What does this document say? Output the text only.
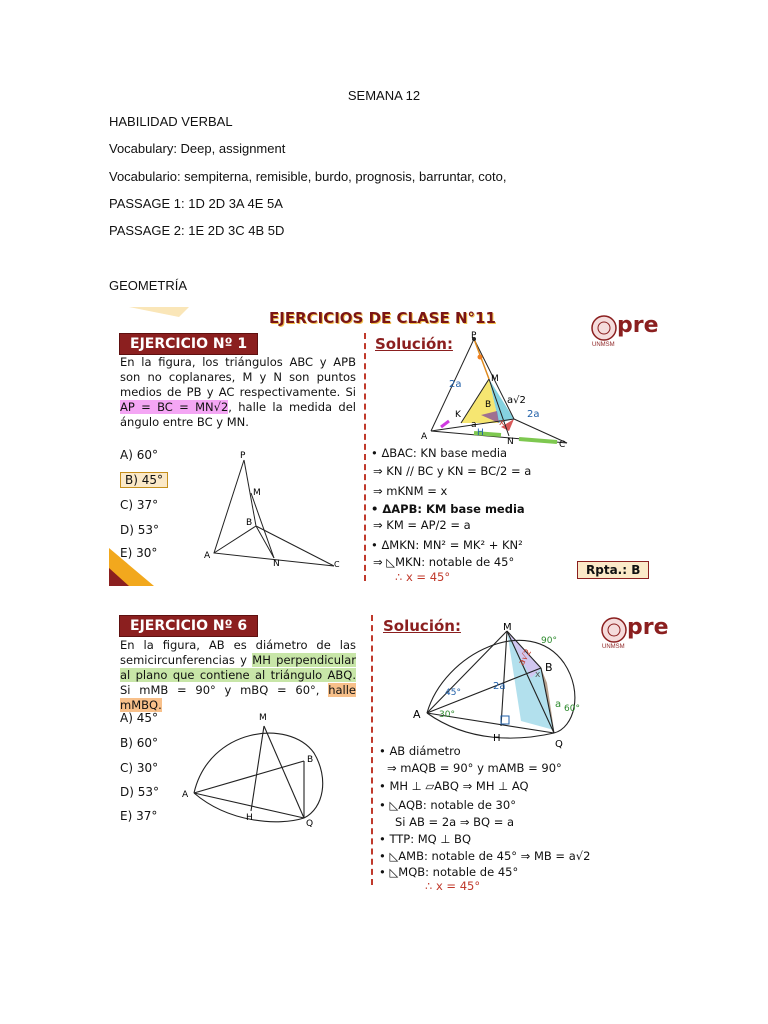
SEMANA 12
HABILIDAD VERBAL
Vocabulary: Deep, assignment
Vocabulario: sempiterna, remisible, burdo, prognosis, barruntar, coto,
PASSAGE 1: 1D 2D 3A 4E 5A
PASSAGE 2: 1E 2D 3C 4B 5D
GEOMETRÍA
EJERCICIOS DE CLASE N°11
EJERCICIO Nº 1	Solución:
pre
UNMSM
En la figura, los triángulos ABC y APB son no coplanares, M y N son puntos medios de PB y AC respectivamente. Si AP = BC = MN√2, halle la medida del ángulo entre BC y MN.
A) 60°
B) 45°
C) 37°
D) 53°
E) 30°
P
M
B
A
N	C
P
M
B
A	N	C
K
H
x
2a
a√2
2a
a
• ΔBAC: KN base media
⇒ KN // BC y KN = BC/2 = a
⇒ mKNM = x
• ΔAPB: KM base media
⇒ KM = AP/2 = a
• ΔMKN: MN² = MK² + KN²
⇒ ◺MKN: notable de 45°
∴ x = 45°	Rpta.: B
EJERCICIO Nº 6	Solución:	pre
UNMSM
En la figura, AB es diámetro de las semicircunferencias y MH perpendicular al plano que contiene al triángulo ABQ. Si mMB = 90° y mBQ = 60°, halle mMBQ.
A) 45°
B) 60°
C) 30°
D) 53°
E) 37°
M
B
A
H
Q
M
B
A
H
Q
90°
a√2
45°
2a
30°
60°
a
x
• AB diámetro
⇒ mAQB = 90° y mAMB = 90°
• MH ⊥ ▱ABQ ⇒ MH ⊥ AQ
• ◺AQB: notable de 30°
Si AB = 2a ⇒ BQ = a
• TTP: MQ ⊥ BQ
• ◺AMB: notable de 45° ⇒ MB = a√2
• ◺MQB: notable de 45°
∴ x = 45°
